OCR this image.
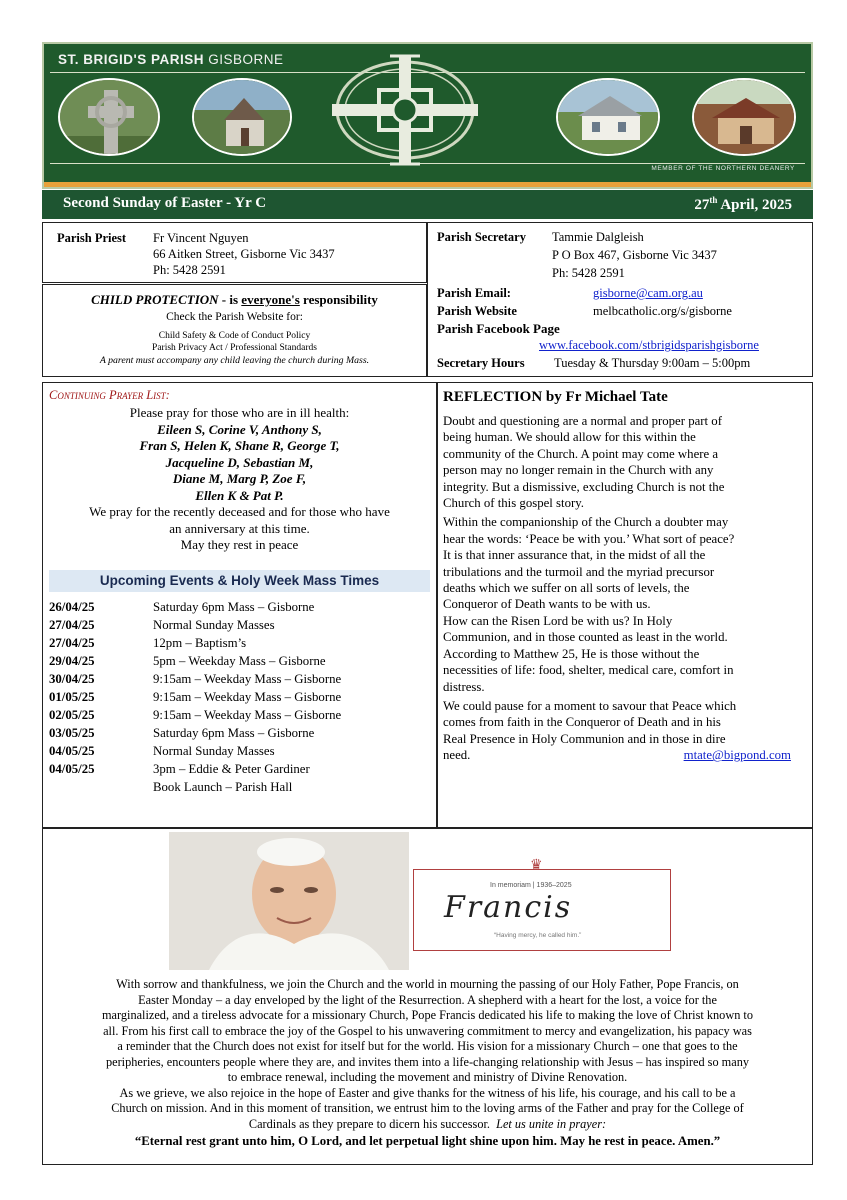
ST. BRIGID'S PARISH GISBORNE
MEMBER OF THE NORTHERN DEANERY
Second Sunday of Easter - Yr C	27th April, 2025
Parish Priest Fr Vincent Nguyen
66 Aitken Street, Gisborne Vic 3437
Ph: 5428 2591
CHILD PROTECTION - is everyone's responsibility
Check the Parish Website for:
Child Safety & Code of Conduct Policy
Parish Privacy Act / Professional Standards
A parent must accompany any child leaving the church during Mass.
Parish Secretary Tammie Dalgleish
P O Box 467, Gisborne Vic 3437
Ph: 5428 2591
Parish Email:	gisborne@cam.org.au
Parish Website	melbcatholic.org/s/gisborne
Parish Facebook Page
www.facebook.com/stbrigidsparishgisborne
Secretary Hours Tuesday & Thursday 9:00am – 5:00pm
Continuing Prayer List:
Please pray for those who are in ill health:
Eileen S, Corine V, Anthony S,
Fran S, Helen K, Shane R, George T,
Jacqueline D, Sebastian M,
Diane M, Marg P, Zoe F,
Ellen K & Pat P.
We pray for the recently deceased and for those who have
an anniversary at this time.
May they rest in peace
Upcoming Events & Holy Week Mass Times
26/04/25	Saturday 6pm Mass – Gisborne
27/04/25	Normal Sunday Masses
27/04/25	12pm – Baptism’s
29/04/25	5pm – Weekday Mass – Gisborne
30/04/25	9:15am – Weekday Mass – Gisborne
01/05/25	9:15am – Weekday Mass – Gisborne
02/05/25	9:15am – Weekday Mass – Gisborne
03/05/25	Saturday 6pm Mass – Gisborne
04/05/25	Normal Sunday Masses
04/05/25	3pm – Eddie & Peter Gardiner
Book Launch – Parish Hall
REFLECTION by Fr Michael Tate
Doubt and questioning are a normal and proper part of
being human. We should allow for this within the
community of the Church. A point may come where a
person may no longer remain in the Church with any
integrity. But a dismissive, excluding Church is not the
Church of this gospel story.
Within the companionship of the Church a doubter may
hear the words: ‘Peace be with you.’ What sort of peace?
It is that inner assurance that, in the midst of all the
tribulations and the turmoil and the myriad precursor
deaths which we suffer on all sorts of levels, the
Conqueror of Death wants to be with us.
How can the Risen Lord be with us? In Holy
Communion, and in those counted as least in the world.
According to Matthew 25, He is those without the
necessities of life: food, shelter, medical care, comfort in
distress.
We could pause for a moment to savour that Peace which
comes from faith in the Conqueror of Death and in his
Real Presence in Holy Communion and in those in dire
need.	mtate@bigpond.com
In memoriam | 1936–2025
Francis
“Having mercy, he called him.”
♛
With sorrow and thankfulness, we join the Church and the world in mourning the passing of our Holy Father, Pope Francis, on
Easter Monday – a day enveloped by the light of the Resurrection. A shepherd with a heart for the lost, a voice for the
marginalized, and a tireless advocate for a missionary Church, Pope Francis dedicated his life to making the love of Christ known to
all. From his first call to embrace the joy of the Gospel to his unwavering commitment to mercy and evangelization, his papacy was
a reminder that the Church does not exist for itself but for the world. His vision for a missionary Church – one that goes to the
peripheries, encounters people where they are, and invites them into a life-changing relationship with Jesus – has inspired so many
to embrace renewal, including the movement and ministry of Divine Renovation.
As we grieve, we also rejoice in the hope of Easter and give thanks for the witness of his life, his courage, and his call to be a
Church on mission. And in this moment of transition, we entrust him to the loving arms of the Father and pray for the College of
Cardinals as they prepare to dicern his successor. Let us unite in prayer:
“Eternal rest grant unto him, O Lord, and let perpetual light shine upon him. May he rest in peace. Amen.”
